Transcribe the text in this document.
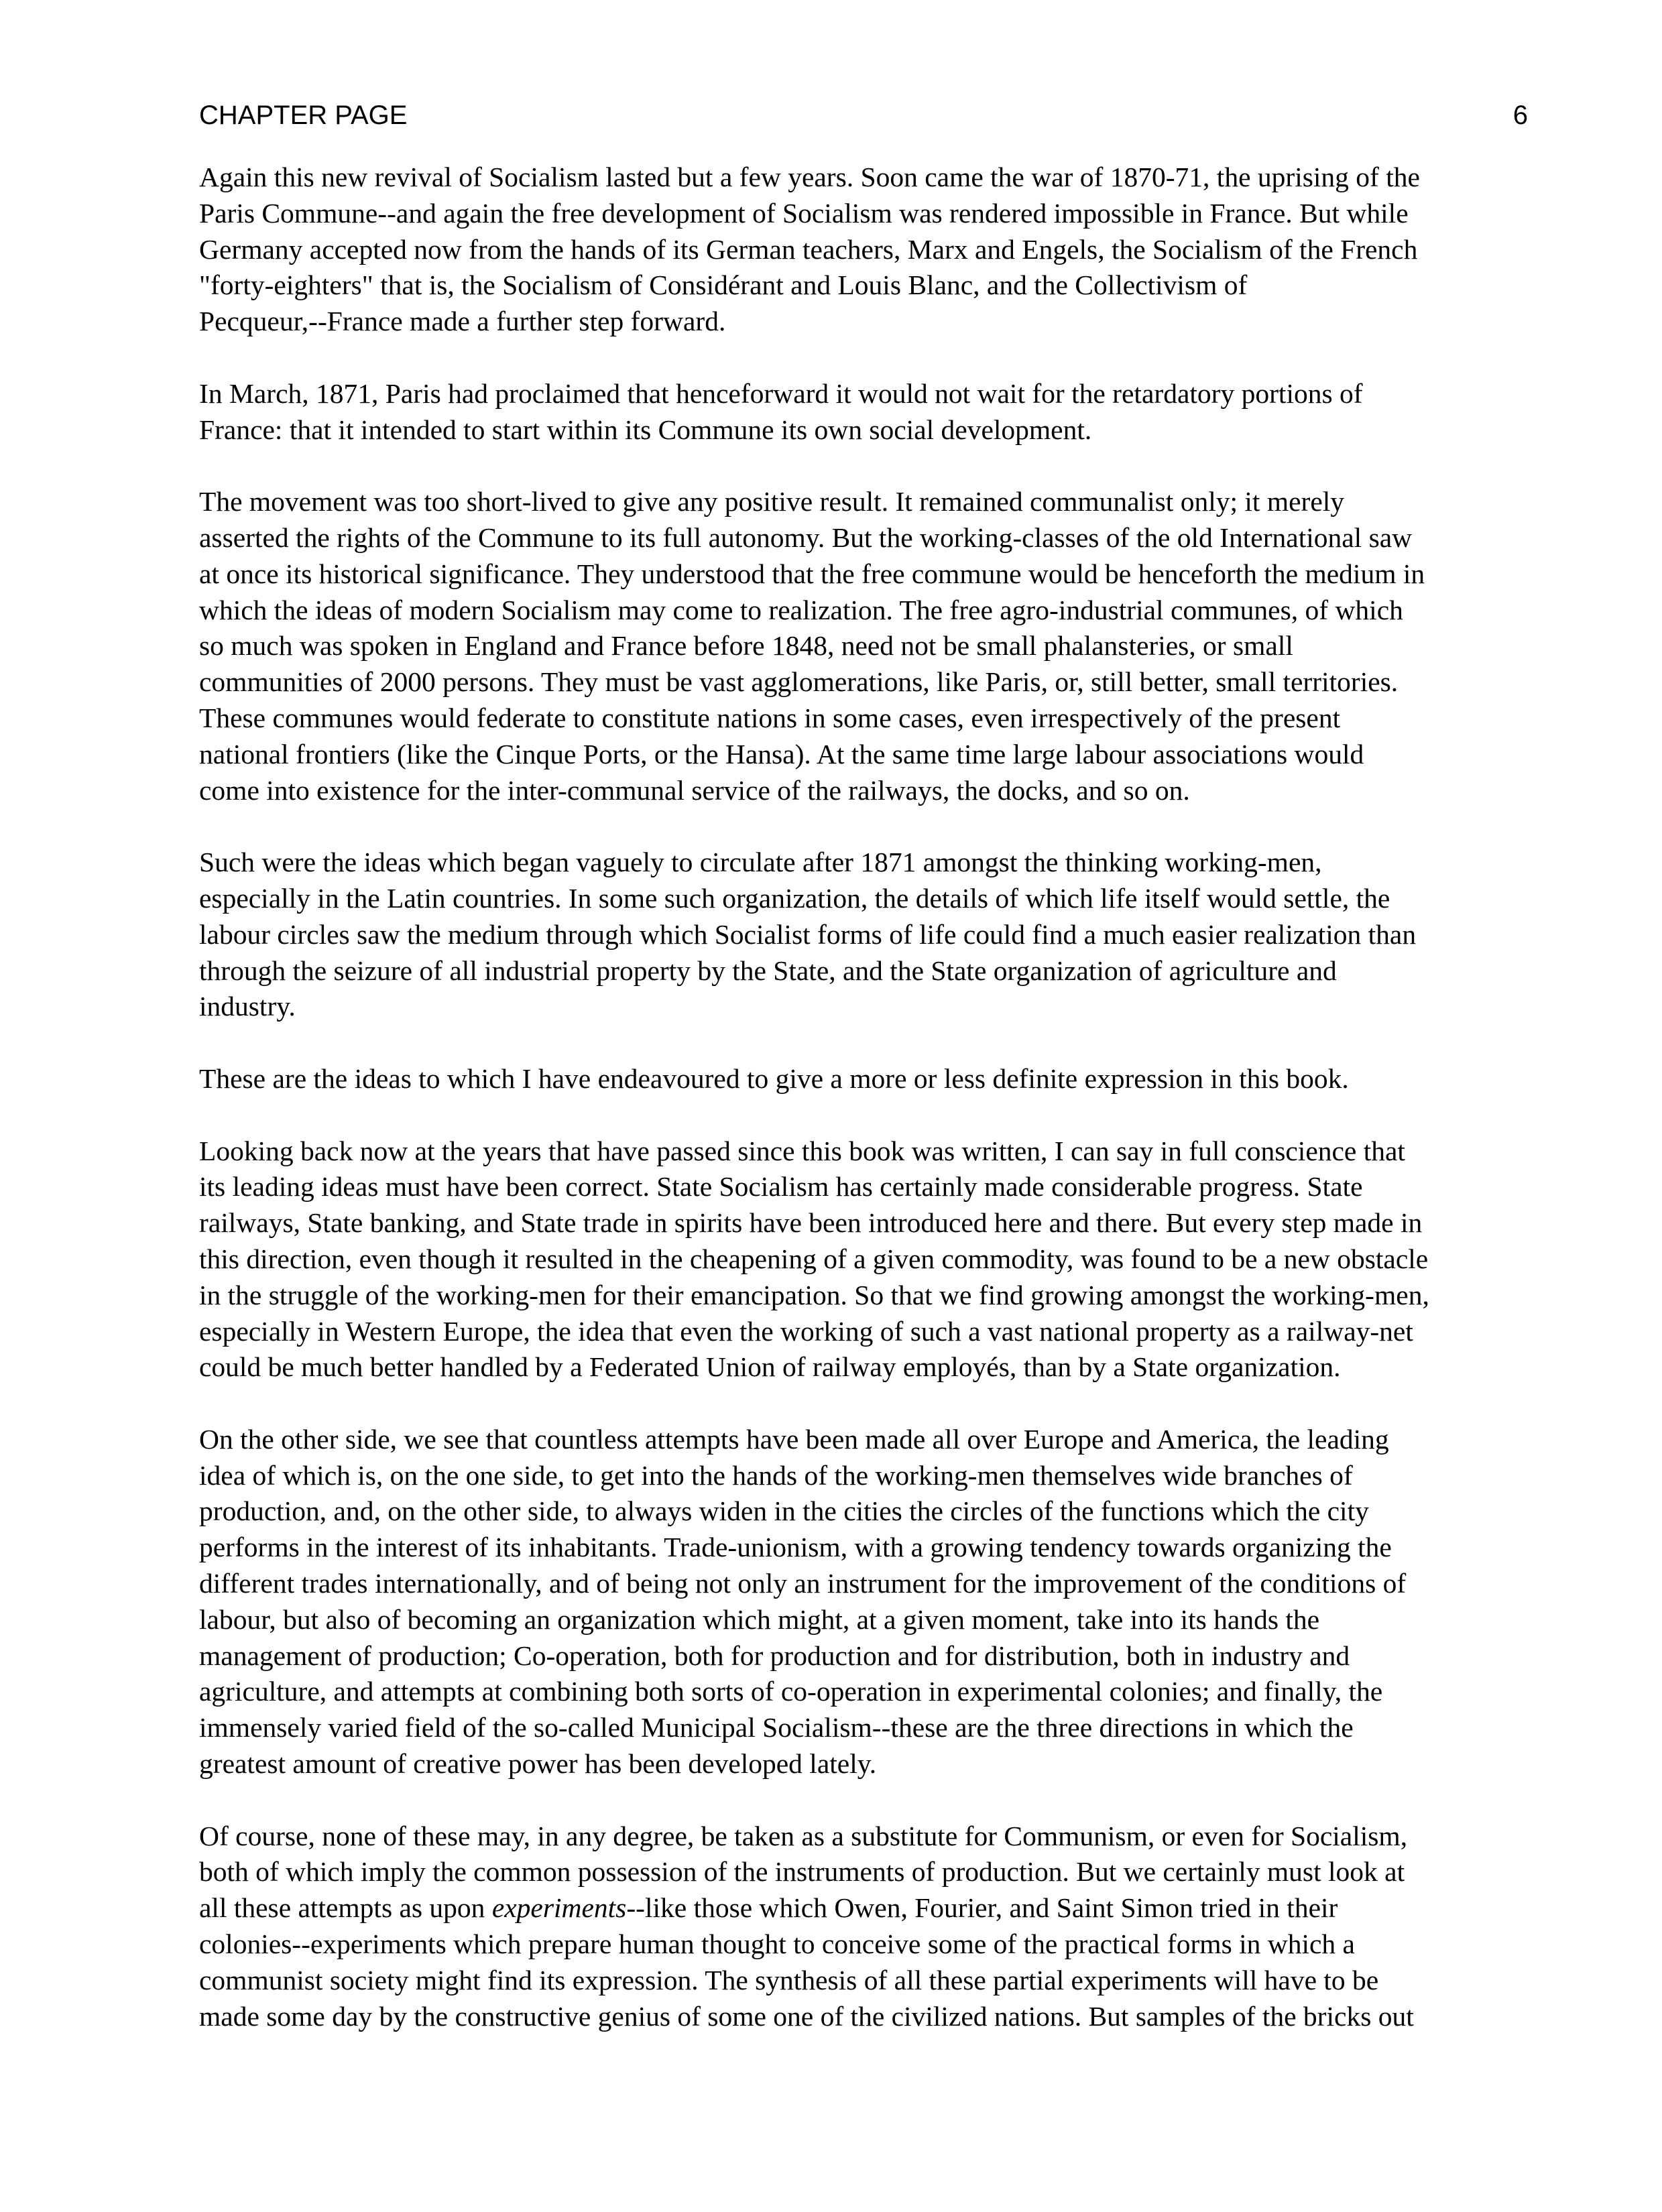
CHAPTER PAGE	6

Again this new revival of Socialism lasted but a few years. Soon came the war of 1870-71, the uprising of the
Paris Commune--and again the free development of Socialism was rendered impossible in France. But while
Germany accepted now from the hands of its German teachers, Marx and Engels, the Socialism of the French
"forty-eighters" that is, the Socialism of Considérant and Louis Blanc, and the Collectivism of
Pecqueur,--France made a further step forward.

In March, 1871, Paris had proclaimed that henceforward it would not wait for the retardatory portions of
France: that it intended to start within its Commune its own social development.

The movement was too short-lived to give any positive result. It remained communalist only; it merely
asserted the rights of the Commune to its full autonomy. But the working-classes of the old International saw
at once its historical significance. They understood that the free commune would be henceforth the medium in
which the ideas of modern Socialism may come to realization. The free agro-industrial communes, of which
so much was spoken in England and France before 1848, need not be small phalansteries, or small
communities of 2000 persons. They must be vast agglomerations, like Paris, or, still better, small territories.
These communes would federate to constitute nations in some cases, even irrespectively of the present
national frontiers (like the Cinque Ports, or the Hansa). At the same time large labour associations would
come into existence for the inter-communal service of the railways, the docks, and so on.

Such were the ideas which began vaguely to circulate after 1871 amongst the thinking working-men,
especially in the Latin countries. In some such organization, the details of which life itself would settle, the
labour circles saw the medium through which Socialist forms of life could find a much easier realization than
through the seizure of all industrial property by the State, and the State organization of agriculture and
industry.

These are the ideas to which I have endeavoured to give a more or less definite expression in this book.

Looking back now at the years that have passed since this book was written, I can say in full conscience that
its leading ideas must have been correct. State Socialism has certainly made considerable progress. State
railways, State banking, and State trade in spirits have been introduced here and there. But every step made in
this direction, even though it resulted in the cheapening of a given commodity, was found to be a new obstacle
in the struggle of the working-men for their emancipation. So that we find growing amongst the working-men,
especially in Western Europe, the idea that even the working of such a vast national property as a railway-net
could be much better handled by a Federated Union of railway employés, than by a State organization.

On the other side, we see that countless attempts have been made all over Europe and America, the leading
idea of which is, on the one side, to get into the hands of the working-men themselves wide branches of
production, and, on the other side, to always widen in the cities the circles of the functions which the city
performs in the interest of its inhabitants. Trade-unionism, with a growing tendency towards organizing the
different trades internationally, and of being not only an instrument for the improvement of the conditions of
labour, but also of becoming an organization which might, at a given moment, take into its hands the
management of production; Co-operation, both for production and for distribution, both in industry and
agriculture, and attempts at combining both sorts of co-operation in experimental colonies; and finally, the
immensely varied field of the so-called Municipal Socialism--these are the three directions in which the
greatest amount of creative power has been developed lately.

Of course, none of these may, in any degree, be taken as a substitute for Communism, or even for Socialism,
both of which imply the common possession of the instruments of production. But we certainly must look at
all these attempts as upon experiments--like those which Owen, Fourier, and Saint Simon tried in their
colonies--experiments which prepare human thought to conceive some of the practical forms in which a
communist society might find its expression. The synthesis of all these partial experiments will have to be
made some day by the constructive genius of some one of the civilized nations. But samples of the bricks out
